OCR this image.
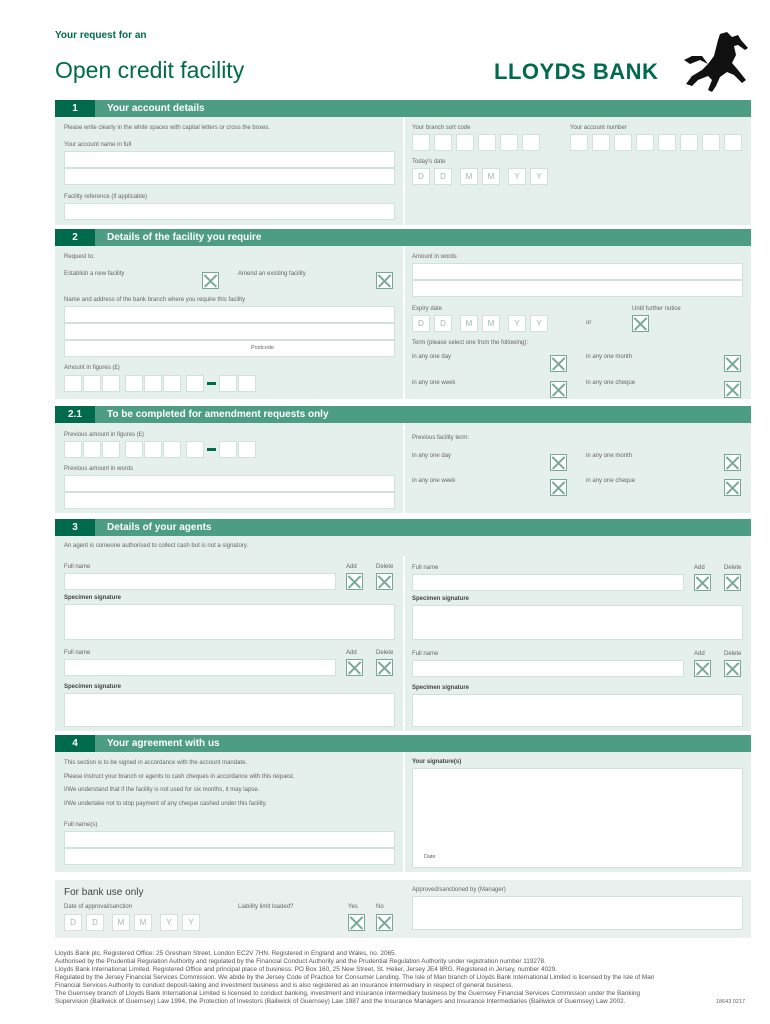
Your request for an
Open credit facility	LLOYDS BANK
1	Your account details
Please write clearly in the white spaces with capital letters or cross the boxes.
Your account name in full
Facility reference (if applicable)
Your branch sort code	Your account number
Today's date
D	D	M	M	Y	Y
2	Details of the facility you require
Request to:
Establish a new facility	Amend an existing facility
Name and address of the bank branch where you require this facility
Postcode
Amount in figures (£)
Amount in words
Expiry date
D	D	M	M	Y	Y	or
Until further notice
Term (please select one from the following):
in any one day	in any one month
in any one week	in any one cheque
2.1	To be completed for amendment requests only
Previous amount in figures (£)
Previous amount in words
Previous facility term:
in any one day	in any one month
in any one week	in any one cheque
3	Details of your agents
An agent is someone authorised to collect cash but is not a signatory.
Full name	Add	Delete
Specimen signature
Full name	Add	Delete
Specimen signature
Full name	Add	Delete
Specimen signature
Full name	Add	Delete
Specimen signature
4	Your agreement with us
This section is to be signed in accordance with the account mandate.
Please instruct your branch or agents to cash cheques in accordance with this request.
I/We understand that if the facility is not used for six months, it may lapse.
I/We undertake not to stop payment of any cheque cashed under this facility.
Full name(s)
Your signature(s)
Date
For bank use only
Date of approval/sanction
D	D	M	M	Y	Y
Liability limit loaded?	Yes	No
Approved/sanctioned by (Manager)
Lloyds Bank plc. Registered Office: 25 Gresham Street, London EC2V 7HN. Registered in England and Wales, no. 2065.
Authorised by the Prudential Regulation Authority and regulated by the Financial Conduct Authority and the Prudential Regulation Authority under registration number 119278.
Lloyds Bank International Limited. Registered Office and principal place of business: PO Box 160, 25 New Street, St. Helier, Jersey JE4 8RG. Registered in Jersey, number 4029.
Regulated by the Jersey Financial Services Commission. We abide by the Jersey Code of Practice for Consumer Lending. The Isle of Man branch of Lloyds Bank International Limited is licensed by the Isle of Man
Financial Services Authority to conduct deposit-taking and investment business and is also registered as an insurance intermediary in respect of general business.
The Guernsey branch of Lloyds Bank International Limited is licensed to conduct banking, investment and insurance intermediary business by the Guernsey Financial Services Commission under the Banking
Supervision (Bailiwick of Guernsey) Law 1994, the Protection of Investors (Bailiwick of Guernsey) Law 1987 and the Insurance Managers and Insurance Intermediaries (Bailiwick of Guernsey) Law 2002.	18643 0217
